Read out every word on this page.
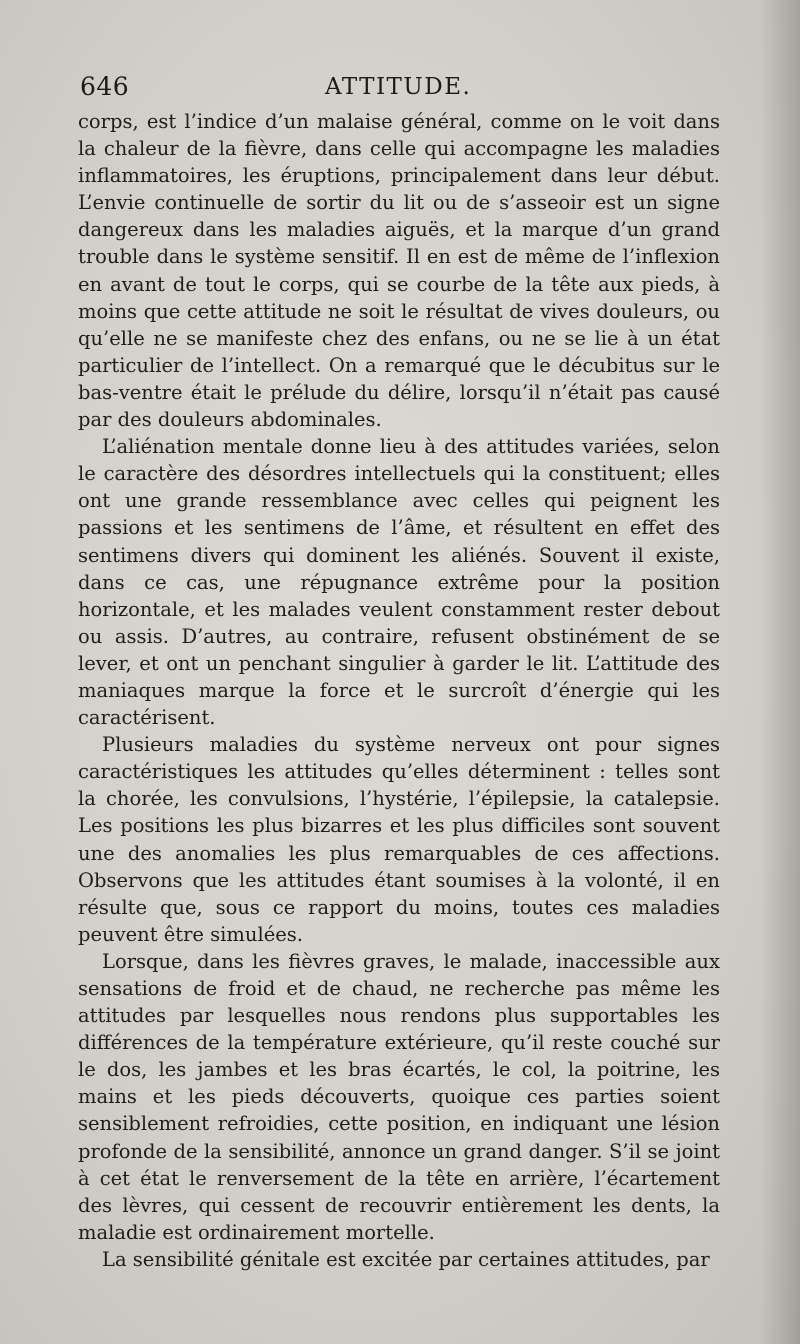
646	ATTITUDE.

corps, est l’indice d’un malaise général, comme on le voit dans la chaleur de la fièvre, dans celle qui accompagne les maladies inflammatoires, les éruptions, principalement dans leur début. L’envie continuelle de sortir du lit ou de s’asseoir est un signe dangereux dans les maladies aiguës, et la marque d’un grand trouble dans le système sensitif. Il en est de même de l’inflexion en avant de tout le corps, qui se courbe de la tête aux pieds, à moins que cette attitude ne soit le résultat de vives douleurs, ou qu’elle ne se manifeste chez des enfans, ou ne se lie à un état particulier de l’intellect. On a remarqué que le décubitus sur le bas-ventre était le prélude du délire, lorsqu’il n’était pas causé par des douleurs abdominales.

L’aliénation mentale donne lieu à des attitudes variées, selon le caractère des désordres intellectuels qui la constituent; elles ont une grande ressemblance avec celles qui peignent les passions et les sentimens de l’âme, et résultent en effet des sentimens divers qui dominent les aliénés. Souvent il existe, dans ce cas, une répugnance extrême pour la position horizontale, et les malades veulent constamment rester debout ou assis. D’autres, au contraire, refusent obstinément de se lever, et ont un penchant singulier à garder le lit. L’attitude des maniaques marque la force et le surcroît d’énergie qui les caractérisent.

Plusieurs maladies du système nerveux ont pour signes caractéristiques les attitudes qu’elles déterminent : telles sont la chorée, les convulsions, l’hystérie, l’épilepsie, la catalepsie. Les positions les plus bizarres et les plus difficiles sont souvent une des anomalies les plus remarquables de ces affections. Observons que les attitudes étant soumises à la volonté, il en résulte que, sous ce rapport du moins, toutes ces maladies peuvent être simulées.

Lorsque, dans les fièvres graves, le malade, inaccessible aux sensations de froid et de chaud, ne recherche pas même les attitudes par lesquelles nous rendons plus supportables les différences de la température extérieure, qu’il reste couché sur le dos, les jambes et les bras écartés, le col, la poitrine, les mains et les pieds découverts, quoique ces parties soient sensiblement refroidies, cette position, en indiquant une lésion profonde de la sensibilité, annonce un grand danger. S’il se joint à cet état le renversement de la tête en arrière, l’écartement des lèvres, qui cessent de recouvrir entièrement les dents, la maladie est ordinairement mortelle.

La sensibilité génitale est excitée par certaines attitudes, par
